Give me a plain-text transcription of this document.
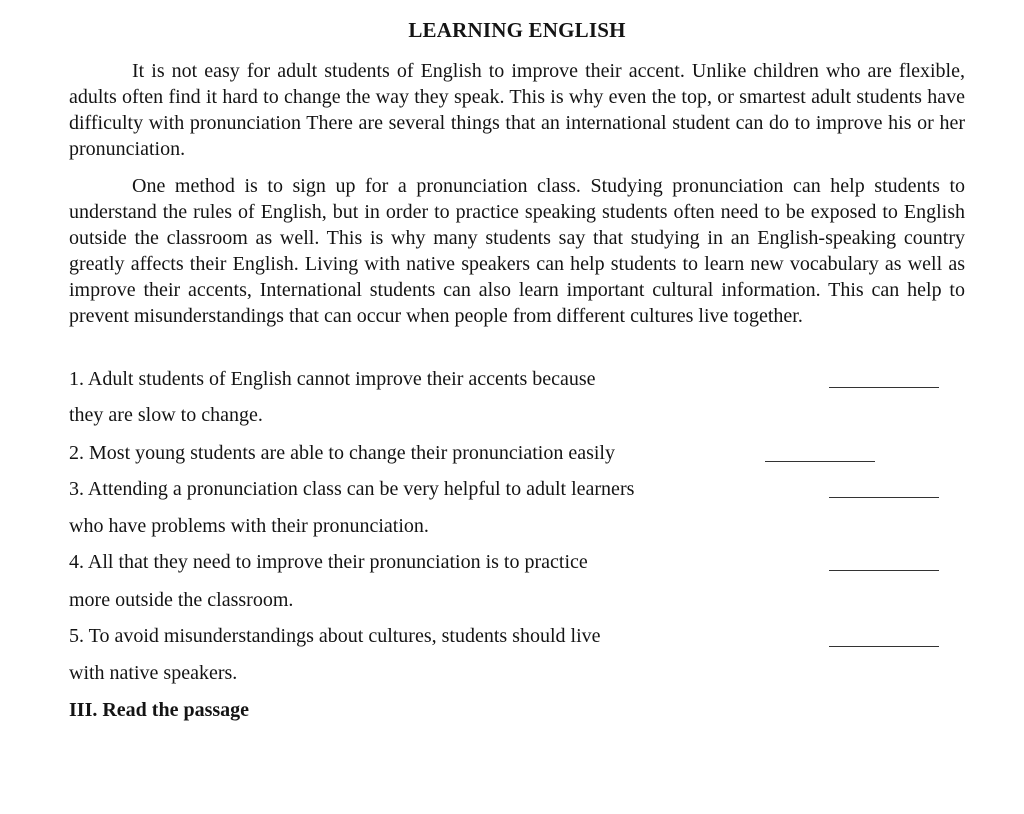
LEARNING ENGLISH

It is not easy for adult students of English to improve their accent. Unlike children who are flexible, adults often find it hard to change the way they speak. This is why even the top, or smartest adult students have difficulty with pronunciation There are several things that an international student can do to improve his or her pronunciation.

One method is to sign up for a pronunciation class. Studying pronunciation can help students to understand the rules of English, but in order to practice speaking students often need to be exposed to English outside the classroom as well. This is why many students say that studying in an English-speaking country greatly affects their English. Living with native speakers can help students to learn new vocabulary as well as improve their accents, International students can also learn important cultural information. This can help to prevent misunderstandings that can occur when people from different cultures live together.

1. Adult students of English cannot improve their accents because
they are slow to change.
2. Most young students are able to change their pronunciation easily
3. Attending a pronunciation class can be very helpful to adult learners
who have problems with their pronunciation.
4. All that they need to improve their pronunciation is to practice
more outside the classroom.
5. To avoid misunderstandings about cultures, students should live
with native speakers.
III. Read the passage
